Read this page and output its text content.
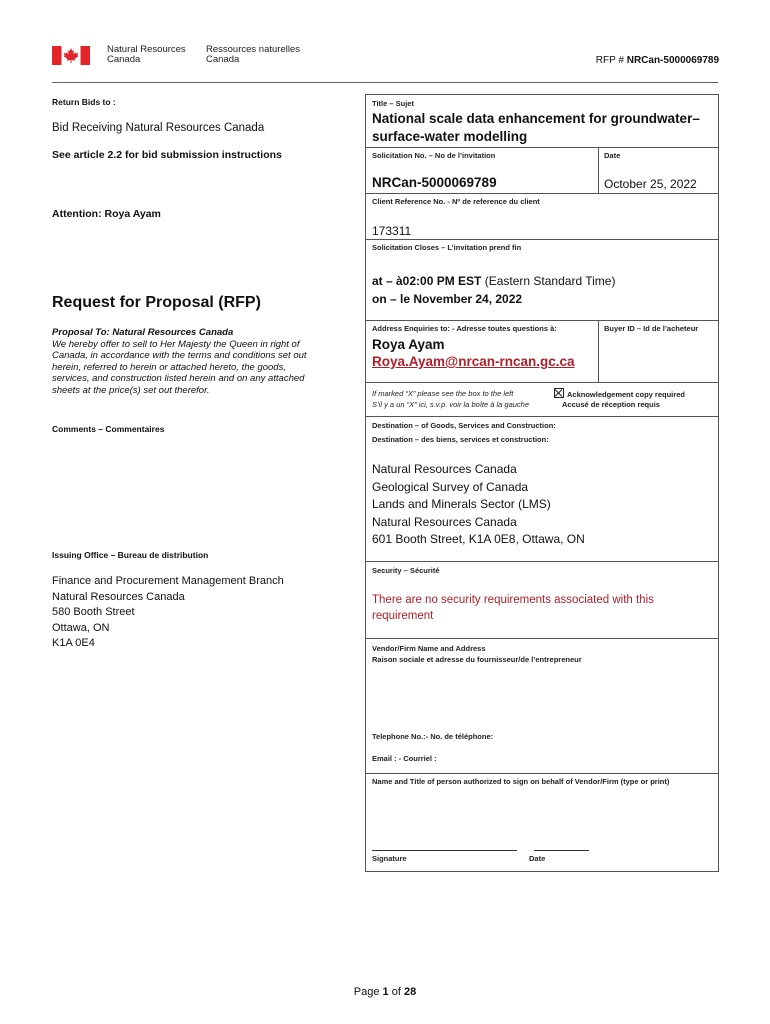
Natural Resources
Canada
Ressources naturelles
Canada	RFP # NRCan-5000069789
Return Bids to :
Bid Receiving Natural Resources Canada
See article 2.2 for bid submission instructions
Attention: Roya Ayam
Request for Proposal (RFP)
Proposal To: Natural Resources Canada
We hereby offer to sell to Her Majesty the Queen in right of Canada, in accordance with the terms and conditions set out herein, referred to herein or attached hereto, the goods, services, and construction listed herein and on any attached sheets at the price(s) set out therefor.
Comments – Commentaires
Issuing Office – Bureau de distribution
Finance and Procurement Management Branch
Natural Resources Canada
580 Booth Street
Ottawa, ON
K1A 0E4
Title – Sujet
National scale data enhancement for groundwater–surface-water modelling
Solicitation No. – No de l’invitation
NRCan-5000069789
Date
October 25, 2022
Client Reference No. - Nº de reference du client
173311
Solicitation Closes – L’invitation prend fin
at – à02:00 PM EST (Eastern Standard Time)
on – le November 24, 2022
Address Enquiries to: - Adresse toutes questions à:
Roya Ayam
Roya.Ayam@nrcan-rncan.gc.ca
Buyer ID – Id de l’acheteur
If marked “X” please see the box to the left
S’il y a un “X” ici, s.v.p. voir la boîte à la gauche
Acknowledgement copy required
Accusé de réception requis
Destination – of Goods, Services and Construction:
Destination – des biens, services et construction:
Natural Resources Canada
Geological Survey of Canada
Lands and Minerals Sector (LMS)
Natural Resources Canada
601 Booth Street, K1A 0E8, Ottawa, ON
Security – Sécurité
There are no security requirements associated with this requirement
Vendor/Firm Name and Address
Raison sociale et adresse du fournisseur/de l’entrepreneur
Telephone No.:- No. de téléphone:
Email : - Courriel :
Name and Title of person authorized to sign on behalf of Vendor/Firm (type or print)
Signature	Date
Page 1 of 28
